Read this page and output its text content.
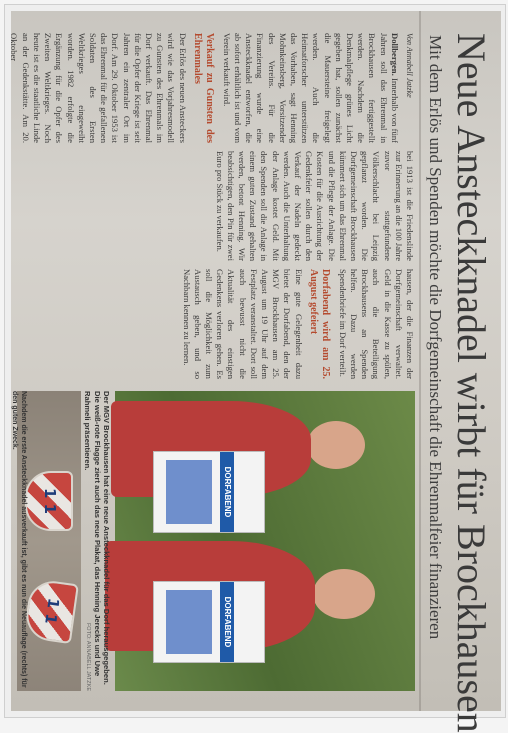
Neue Ansteckknadel wirbt für Brockhausen
Mit dem Erlös und Spenden möchte die Dorfgemeinschaft die Ehrenmalfeier finanzieren
Von Annabell Jatzke
Dollbergen. Innerhalb von fünf Jahren soll das Ehrenmal in Brockhausen fertiggestellt werden. Nachdem die Denkmalpflege grünes Licht gegeben hat, sollen zunächst die Mauersteine freigelegt werden. Auch die Heimatforscher unterstützen das Vorhaben, sagt Henning Mohnkeinsberg, Vorsitzender des Vereins. Für die Finanzierung wurde eine Ansteckknadel entworfen, die ab sofort erhältlich ist und vom Verein verkauft wird.
Verkauf zu Gunsten des Ehrenmales
Der Erlös des neuen Ansteckers wird wie das Vorjahresmodell zu Gunsten des Ehrenmals im Dorf verkauft. Das Ehrenmal für die Opfer der Kriege ist seit Jahren ein zentraler Ort im Dorf. Am 29. Oktober 1953 ist das Ehrenmal für die gefallenen Soldaten des Ersten Weltkrieges eingeweiht worden. 1982 erfolgte die Ergänzung für die Opfer des Zweiten Weltkrieges. Noch heute ist es die staatliche Linde an der Gedenkstätte. Am 20. Oktober
bei 1913 ist die Friedenslinde zur Erinnerung an die 100 Jahre zuvor stattgefundene Völkerschlacht bei Leipzig gepflanzt worden. Die Dorfgemeinschaft Brockhausen kümmert sich um das Ehrenmal und die Pflege der Anlage. Die Kosten für die Ausrichtung der Gedenkfeier sollen durch den Verkauf der Nadeln gedeckt werden. Auch die Unterhaltung der Anlage kostet Geld. Mit den Spenden soll die Anlage in einem guten Zustand gehalten werden, betont Henning. Wir beabsichtigen, den Pin für zwei Euro pro Stück zu verkaufen.
hausen, der die Finanzen der Dorfgemeinschaft verwaltet. Geld in die Kasse zu spülen, auch die Beteiligung Brockhausens an Spenden helfen. Dazu werden Spendenbriefe im Dorf verteilt.
Dorfabend wird am 25. August gefeiert
Eine gute Gelegenheit dazu bietet der Dorfabend, den der MGV Brockhausen am 25. August um 19 Uhr auf dem Festplatz veranstaltet. Dort soll auch bewusst nicht die Aktualität des einstigen Gedenkens verloren gehen. Es soll die Möglichkeit zum Austausch geben, und so Nachbarn kennen zu lernen.
DORFABEND
DORFABEND
Der MGV Brockhausen hat eine neue Ansteckknadel für das Dorf herausgegeben. Die weiß-rote Flagge ziert auch das neue Plakat, das Henning Jerecks und Uwe Rahmeli präsentieren.
FOTO: ANNABELL JATZKE
1 1
1 1
Nachdem die erste Ansteckknadel ausverkauft ist, gibt es nun die Neuauflage (rechts) für den guten Zweck.
